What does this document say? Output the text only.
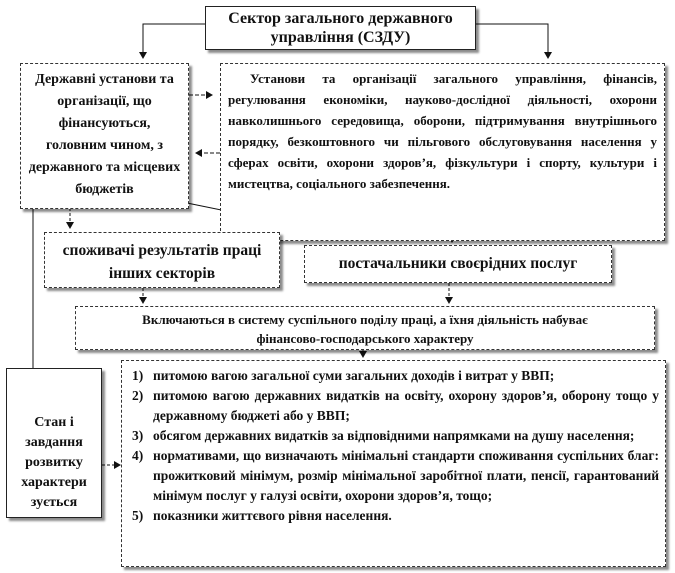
Сектор загального державного управління (СЗДУ)
Державні установи та організації, що фінансуються, головним чином, з державного та місцевих бюджетів
Установи та організації загального управління, фінансів, регулювання економіки, науково-дослідної діяльності, охорони навколишнього середовища, оборони, підтримування внутрішнього порядку, безкоштовного чи пільгового обслуговування населення у сферах освіти, охорони здоров’я, фізкультури і спорту, культури і мистецтва, соціального забезпечення.
споживачі результатів праці інших секторів
постачальники своєрідних послуг
Включаються в систему суспільного поділу праці, а їхня діяльність набуває фінансово-господарського характеру
Стан і завдання розвитку характери зується
1) питомою вагою загальної суми загальних доходів і витрат у ВВП;
2) питомою вагою державних видатків на освіту, охорону здоров’я, оборону тощо у державному бюджеті або у ВВП;
3) обсягом державних видатків за відповідними напрямками на душу населення;
4) нормативами, що визначають мінімальні стандарти споживання суспільних благ: прожитковий мінімум, розмір мінімальної заробітної плати, пенсії, гарантований мінімум послуг у галузі освіти, охорони здоров’я, тощо;
5) показники життєвого рівня населення.
